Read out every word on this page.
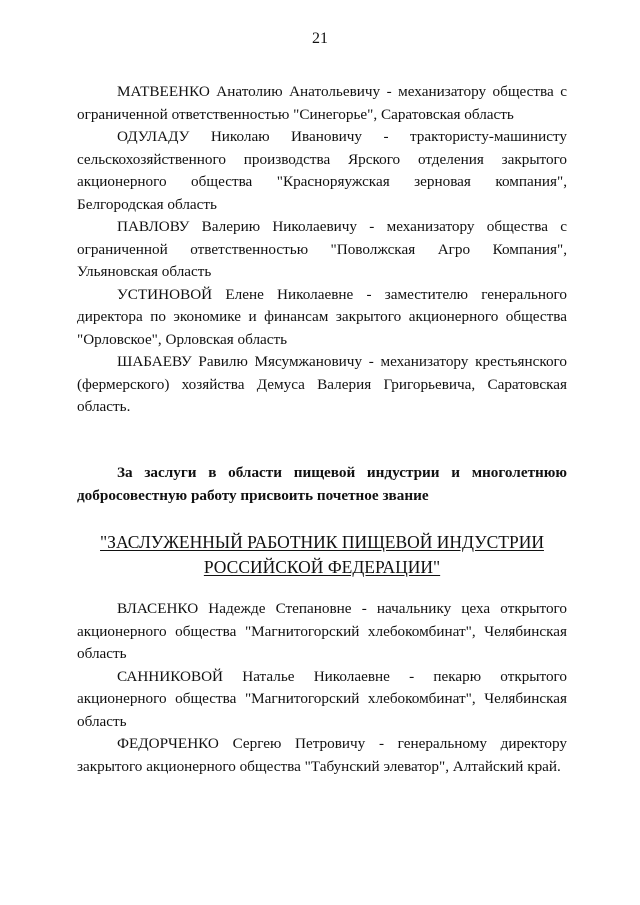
21

МАТВЕЕНКО Анатолию Анатольевичу - механизатору общества с ограниченной ответственностью "Синегорье", Саратовская область

ОДУЛАДУ Николаю Ивановичу - трактористу-машинисту сельскохозяйственного производства Ярского отделения закрытого акционерного общества "Красноряужская зерновая компания", Белгородская область

ПАВЛОВУ Валерию Николаевичу - механизатору общества с ограниченной ответственностью "Поволжская Агро Компания", Ульяновская область

УСТИНОВОЙ Елене Николаевне - заместителю генерального директора по экономике и финансам закрытого акционерного общества "Орловское", Орловская область

ШАБАЕВУ Равилю Мясумжановичу - механизатору крестьянского (фермерского) хозяйства Демуса Валерия Григорьевича, Саратовская область.

За заслуги в области пищевой индустрии и многолетнюю добросовестную работу присвоить почетное звание

"ЗАСЛУЖЕННЫЙ РАБОТНИК ПИЩЕВОЙ ИНДУСТРИИ
РОССИЙСКОЙ ФЕДЕРАЦИИ"

ВЛАСЕНКО Надежде Степановне - начальнику цеха открытого акционерного общества "Магнитогорский хлебокомбинат", Челябинская область

САННИКОВОЙ Наталье Николаевне - пекарю открытого акционерного общества "Магнитогорский хлебокомбинат", Челябинская область

ФЕДОРЧЕНКО Сергею Петровичу - генеральному директору закрытого акционерного общества "Табунский элеватор", Алтайский край.
